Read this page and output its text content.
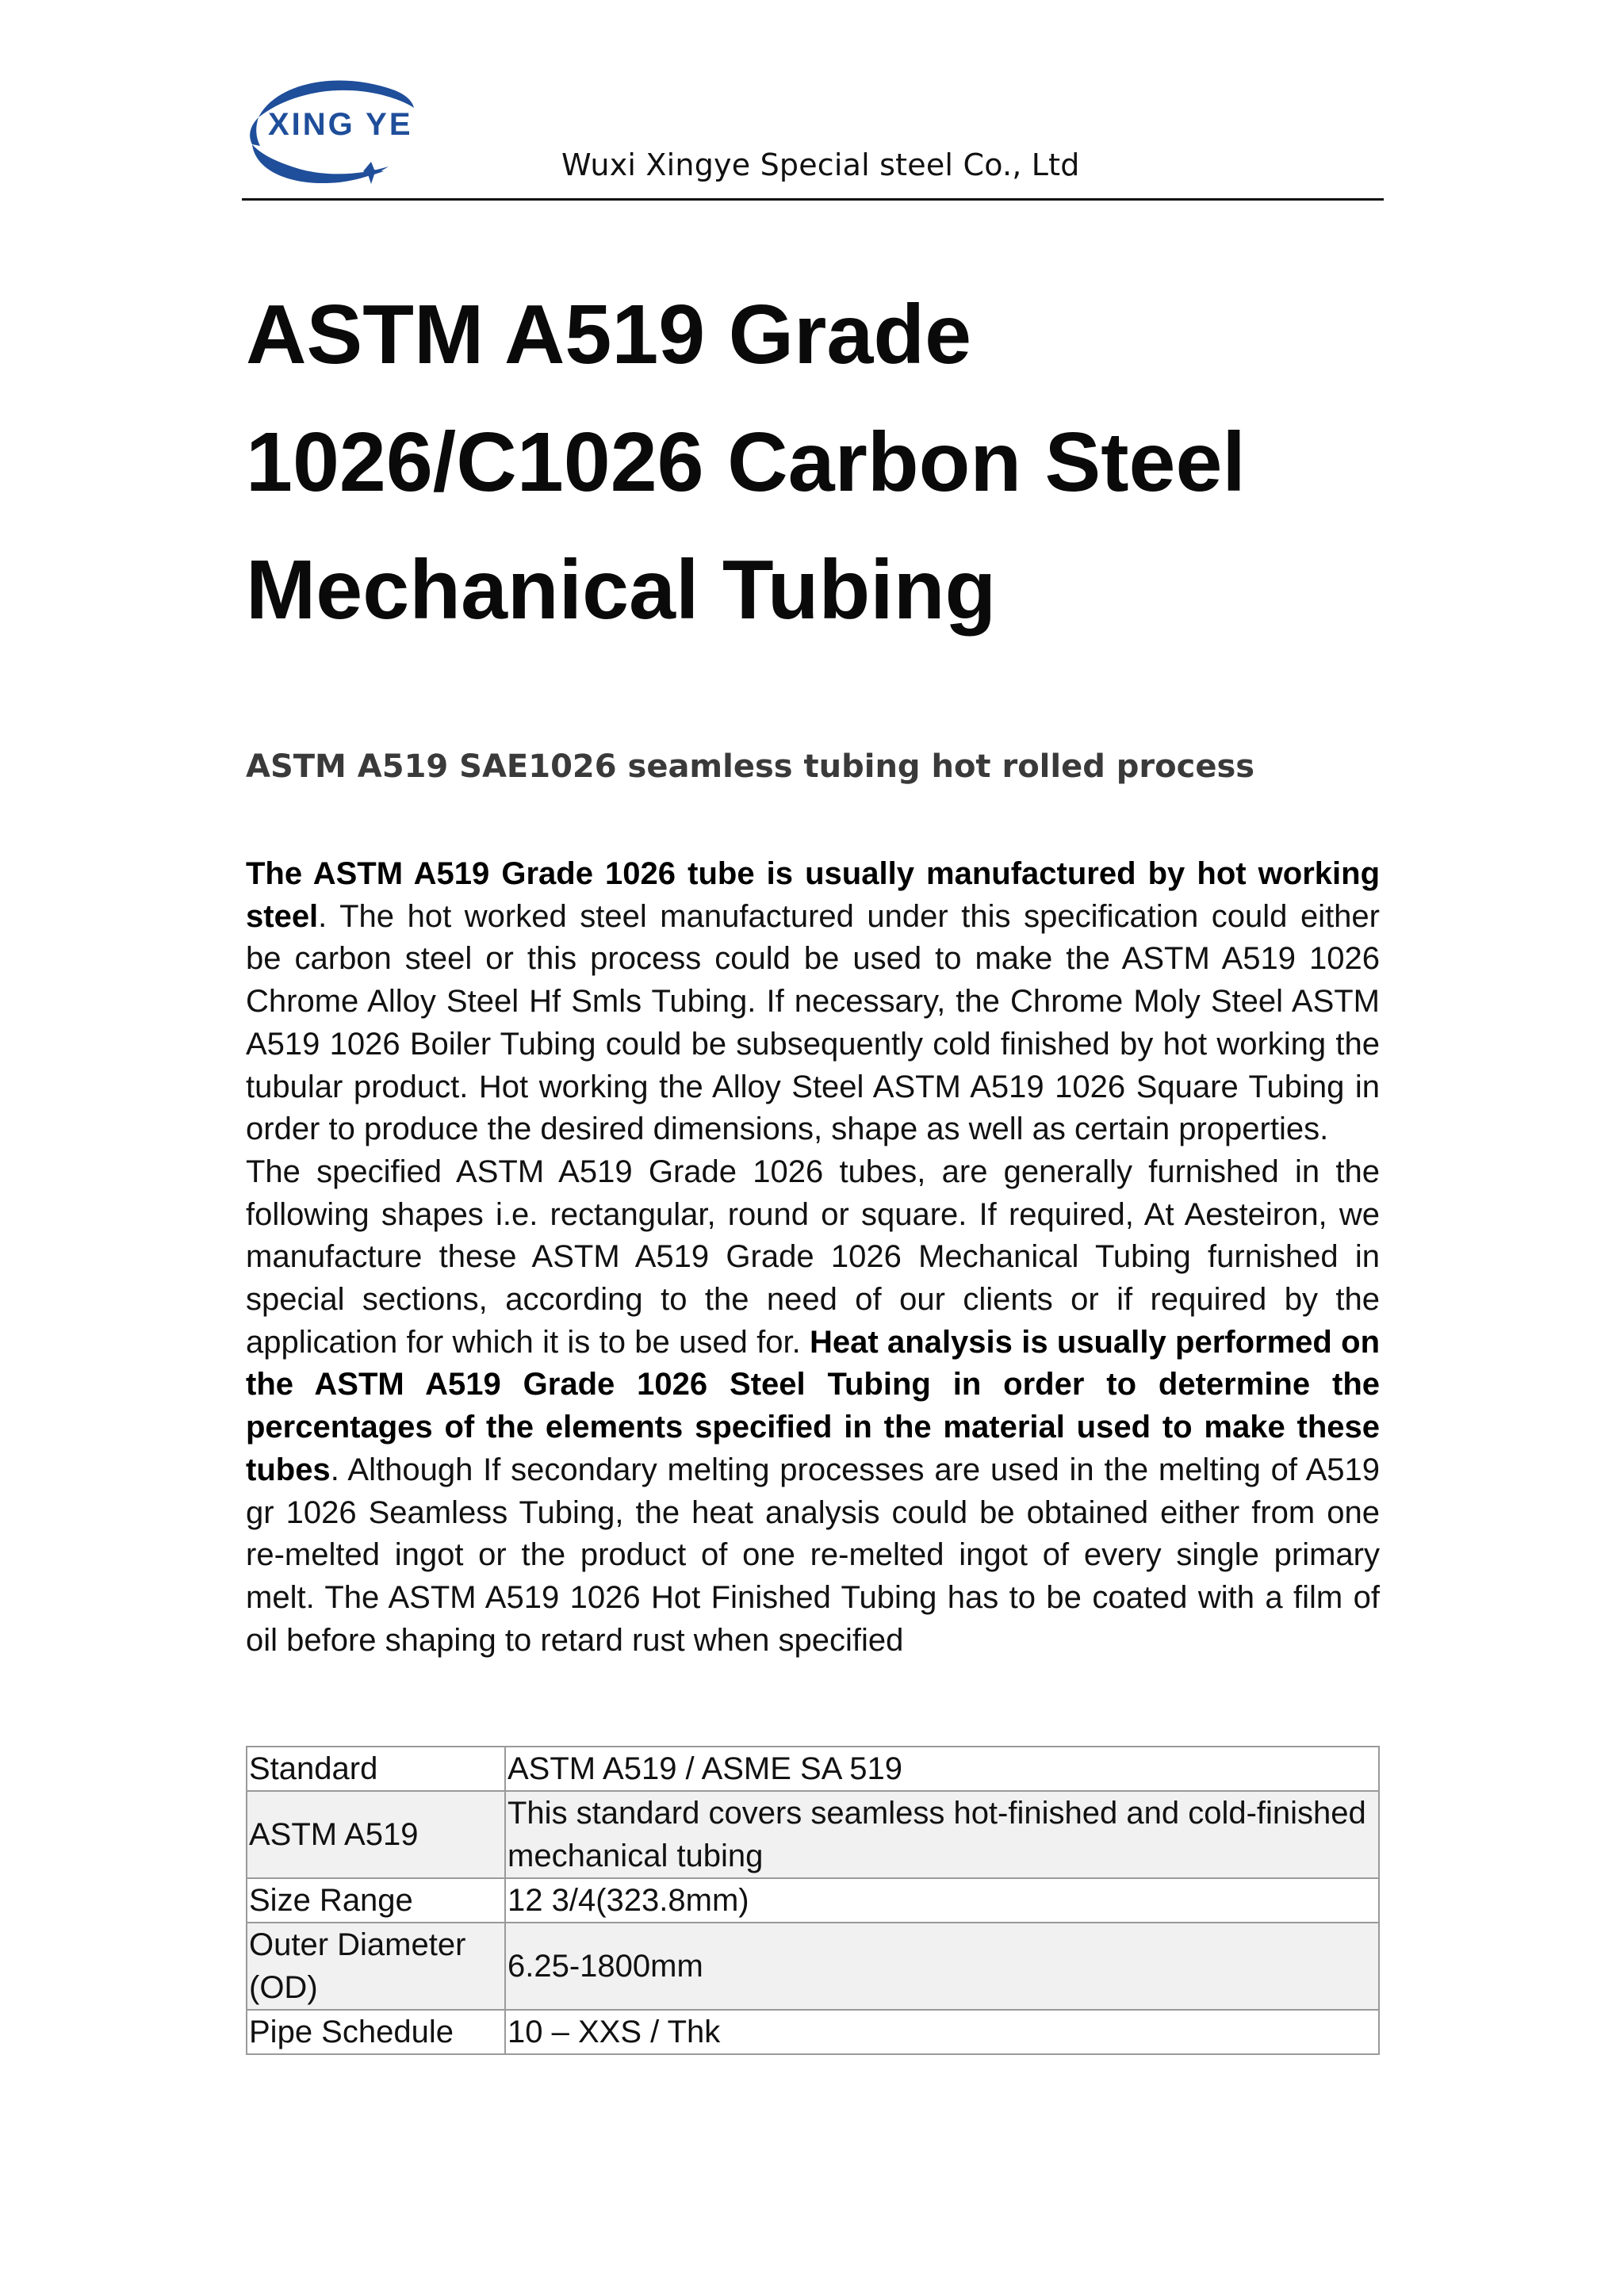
XING YE
Wuxi Xingye Special steel Co., Ltd
ASTM A519 Grade
1026/C1026 Carbon Steel
Mechanical Tubing
ASTM A519 SAE1026 seamless tubing hot rolled process

The ASTM A519 Grade 1026 tube is usually manufactured by hot working steel. The hot worked steel manufactured under this specification could either be carbon steel or this process could be used to make the ASTM A519 1026 Chrome Alloy Steel Hf Smls Tubing. If necessary, the Chrome Moly Steel ASTM A519 1026 Boiler Tubing could be subsequently cold finished by hot working the tubular product. Hot working the Alloy Steel ASTM A519 1026 Square Tubing in order to produce the desired dimensions, shape as well as certain properties.

The specified ASTM A519 Grade 1026 tubes, are generally furnished in the following shapes i.e. rectangular, round or square. If required, At Aesteiron, we manufacture these ASTM A519 Grade 1026 Mechanical Tubing furnished in special sections, according to the need of our clients or if required by the application for which it is to be used for. Heat analysis is usually performed on the ASTM A519 Grade 1026 Steel Tubing in order to determine the percentages of the elements specified in the material used to make these tubes. Although If secondary melting processes are used in the melting of A519 gr 1026 Seamless Tubing, the heat analysis could be obtained either from one re-melted ingot or the product of one re-melted ingot of every single primary melt. The ASTM A519 1026 Hot Finished Tubing has to be coated with a film of oil before shaping to retard rust when specified

Standard	ASTM A519 / ASME SA 519
ASTM A519	This standard covers seamless hot-finished and cold-finished mechanical tubing
Size Range	12 3/4(323.8mm)
Outer Diameter (OD)	6.25-1800mm
Pipe Schedule	10 – XXS / Thk
